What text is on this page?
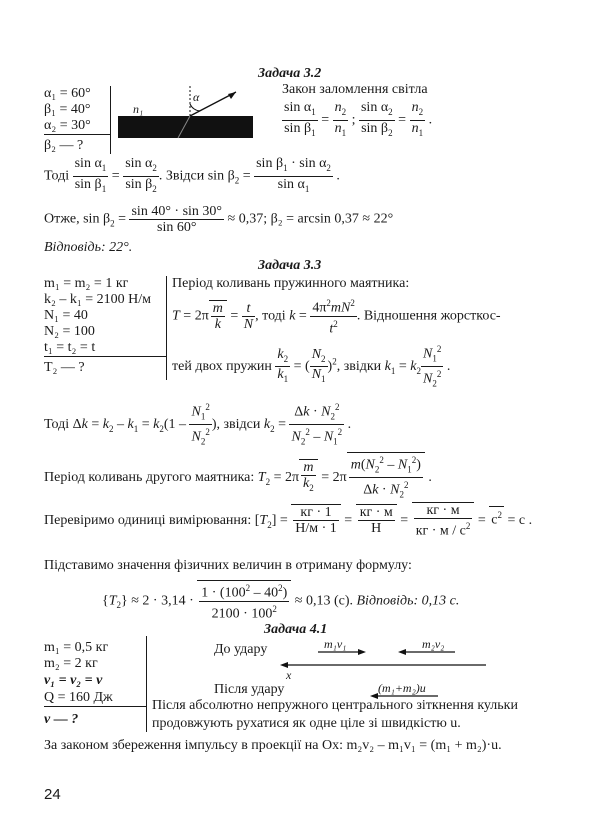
Задача 3.2
α₁ = 60°
β₁ = 40°
α₂ = 30°
β₂ — ?
n₁
α	Закон заломлення світла
$\frac{\sin \alpha_1}{\sin \beta_1} = \frac{n_2}{n_1}$ ; $\frac{\sin \alpha_2}{\sin \beta_2} = \frac{n_2}{n_1}$ .
Тоді $\frac{\sin \alpha_1}{\sin \beta_1} = \frac{\sin \alpha_2}{\sin \beta_2}$ . Звідси $\sin \beta_2 = \frac{\sin \beta_1 \cdot \sin \alpha_2}{\sin \alpha_1}$ .
Отже, $\sin \beta_2 = \frac{\sin 40^\circ \cdot \sin 30^\circ}{\sin 60^\circ} \approx 0,37$; β₂ = arcsin 0,37 ≈ 22°
Відповідь: 22°.
Задача 3.3
m₁ = m₂ = 1 кг
k₂ – k₁ = 2100 Н/м
N₁ = 40
N₂ = 100
t₁ = t₂ = t
T₂ — ?
Період коливань пружинного маятника:
$T = 2\pi \frac{m}{k} = \frac{t}{N}$ , тоді $k = \frac{4\pi^2mN^2}{t^2}$ . Відношення жорсткос-
тей двох пружин $\frac{k_2}{k_1}$ = ( $\frac{N_2}{N_1} )^2$, звідки $k_1 = k_2 \frac{N_1^2}{N_2^2}$ .
Тоді $\Delta k = k_2 - k_1 = k_2(1 - \frac{N_1^2}{N_2^2}$ ), звідси $k_2 = \frac{\Delta k \cdot N_2^2}{N_2^2 - N_1^2}$ .
Період коливань другого маятника: $T_2 = 2\pi \frac{m}{k_2} = 2\pi \frac{m(N_2^2 - N_1^2)}{\Delta k \cdot N_2^2}$ .
Перевіримо одиниці вимірювання: $[T_2] = \frac{кг \cdot 1}{Н/м \cdot 1} = \frac{кг \cdot м}{Н} = \frac{кг \cdot м}{кг \cdot м / c^2} = c^2 = c$ .
Підставимо значення фізичних величин в отриману формулу:
$\{T_2\} \approx 2 \cdot 3,14 \cdot \frac{1 \cdot (100^2 - 40^2)}{2100 \cdot 100^2} \approx 0,13$ (с). Відповідь: 0,13 с.
Задача 4.1
m₁ = 0,5 кг
m₂ = 2 кг
v₁ = v₂ = v
Q = 160 Дж
v — ?
До удару
Після удару
m₁v₁	m₂v₂
x
(m₁+m₂)u
Після абсолютно непружного центрального зіткнення кульки
продовжують рухатися як одне ціле зі швидкістю u.
За законом збереження імпульсу в проекції на Ox: m₂v₂ – m₁v₁ = (m₁ + m₂)·u.
24
